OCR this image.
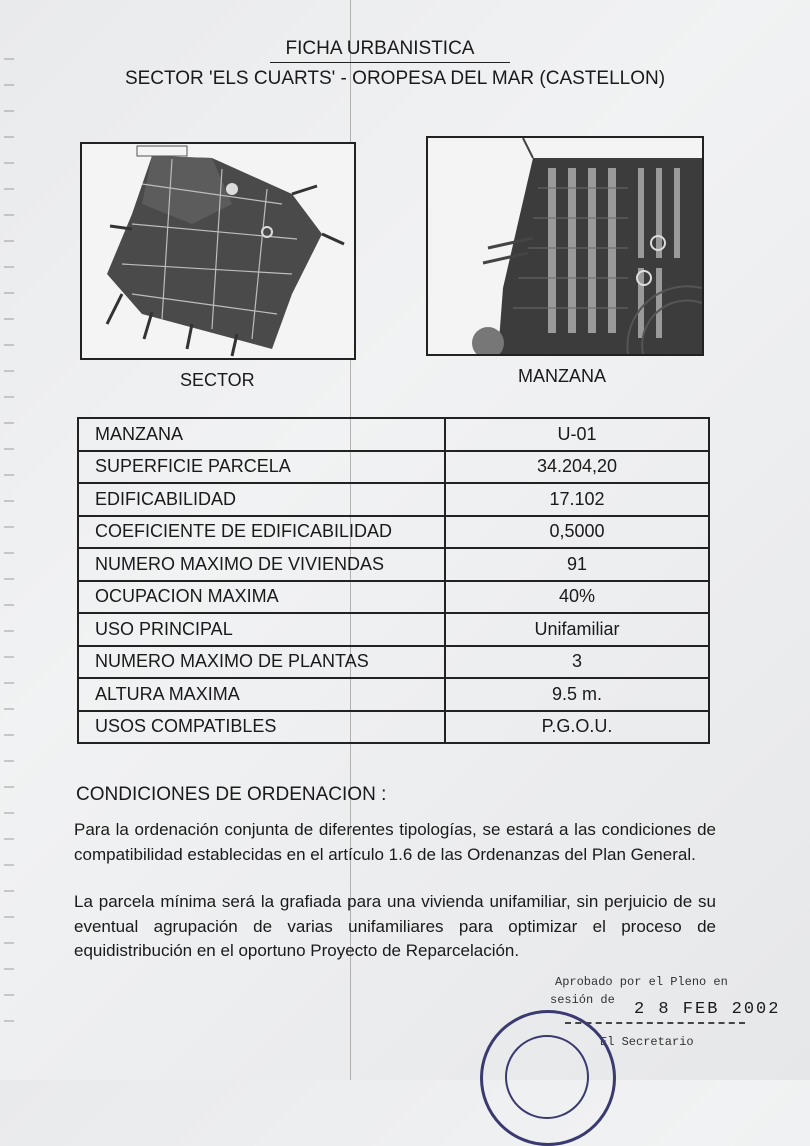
FICHA URBANISTICA
SECTOR 'ELS CUARTS' - OROPESA DEL MAR (CASTELLON)
SECTOR	MANZANA
MANZANA	U-01
SUPERFICIE PARCELA	34.204,20
EDIFICABILIDAD	17.102
COEFICIENTE DE EDIFICABILIDAD	0,5000
NUMERO MAXIMO DE VIVIENDAS	91
OCUPACION MAXIMA	40%
USO PRINCIPAL	Unifamiliar
NUMERO MAXIMO DE PLANTAS	3
ALTURA MAXIMA	9.5 m.
USOS COMPATIBLES	P.G.O.U.
CONDICIONES DE ORDENACION :
Para la ordenación conjunta de diferentes tipologías, se estará a las condiciones de compatibilidad establecidas en el artículo 1.6 de las Ordenanzas del Plan General.
La parcela mínima será la grafiada para una vivienda unifamiliar, sin perjuicio de su eventual agrupación de varias unifamiliares para optimizar el proceso de equidistribución en el oportuno Proyecto de Reparcelación.
Aprobado por el Pleno en
sesión de 2 8 FEB 2002
El Secretario
